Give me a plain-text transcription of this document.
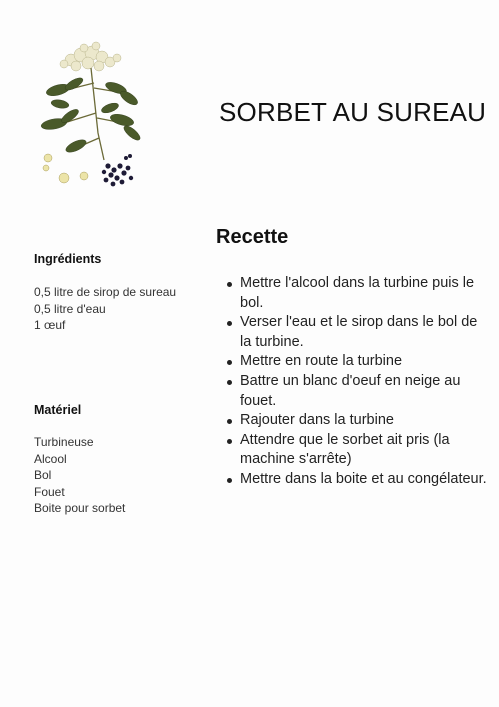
SORBET AU SUREAU
Recette
Ingrédients
0,5 litre de sirop de sureau
0,5 litre d'eau
1 œuf
Matériel
Turbineuse
Alcool
Bol
Fouet
Boite pour sorbet
Mettre l'alcool dans la turbine puis le bol.
Verser l'eau et le sirop dans le bol de la turbine.
Mettre en route la turbine
Battre un blanc d'oeuf en neige au fouet.
Rajouter dans la turbine
Attendre que le sorbet ait pris (la machine s'arrête)
Mettre dans la boite et au congélateur.
